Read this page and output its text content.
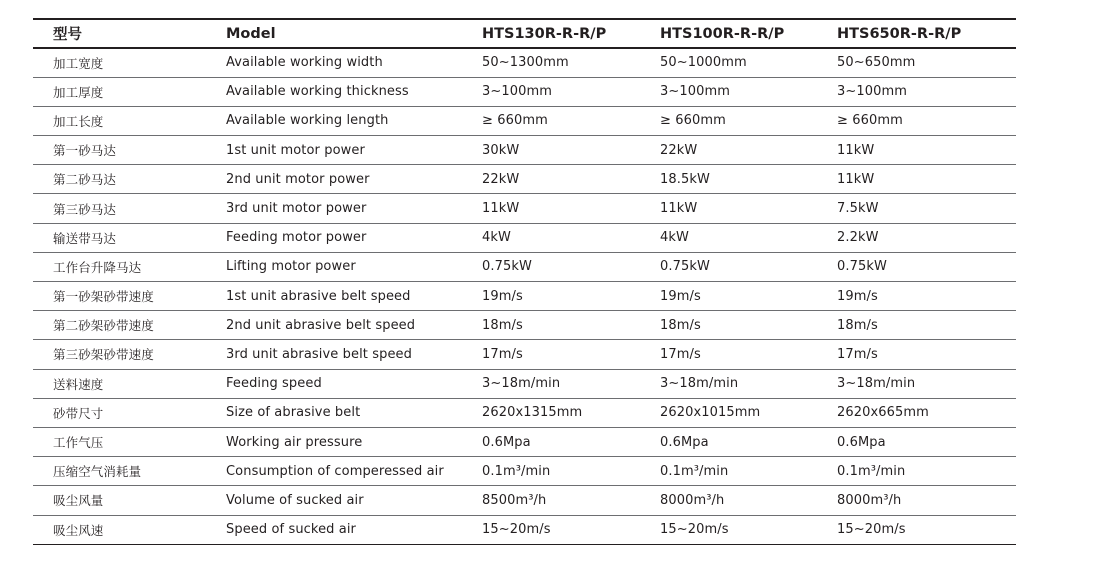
型号	Model	HTS130R-R-R/P	HTS100R-R-R/P	HTS650R-R-R/P
加工宽度	Available working width	50~1300mm	50~1000mm	50~650mm
加工厚度	Available working thickness	3~100mm	3~100mm	3~100mm
加工长度	Available working length	≥ 660mm	≥ 660mm	≥ 660mm
第一砂马达	1st unit motor power	30kW	22kW	11kW
第二砂马达	2nd unit motor power	22kW	18.5kW	11kW
第三砂马达	3rd unit motor power	11kW	11kW	7.5kW
输送带马达	Feeding motor power	4kW	4kW	2.2kW
工作台升降马达	Lifting motor power	0.75kW	0.75kW	0.75kW
第一砂架砂带速度	1st unit abrasive belt speed	19m/s	19m/s	19m/s
第二砂架砂带速度	2nd unit abrasive belt speed	18m/s	18m/s	18m/s
第三砂架砂带速度	3rd unit abrasive belt speed	17m/s	17m/s	17m/s
送料速度	Feeding speed	3~18m/min	3~18m/min	3~18m/min
砂带尺寸	Size of abrasive belt	2620x1315mm	2620x1015mm	2620x665mm
工作气压	Working air pressure	0.6Mpa	0.6Mpa	0.6Mpa
压缩空气消耗量	Consumption of comperessed air	0.1m³/min	0.1m³/min	0.1m³/min
吸尘风量	Volume of sucked air	8500m³/h	8000m³/h	8000m³/h
吸尘风速	Speed of sucked air	15~20m/s	15~20m/s	15~20m/s
